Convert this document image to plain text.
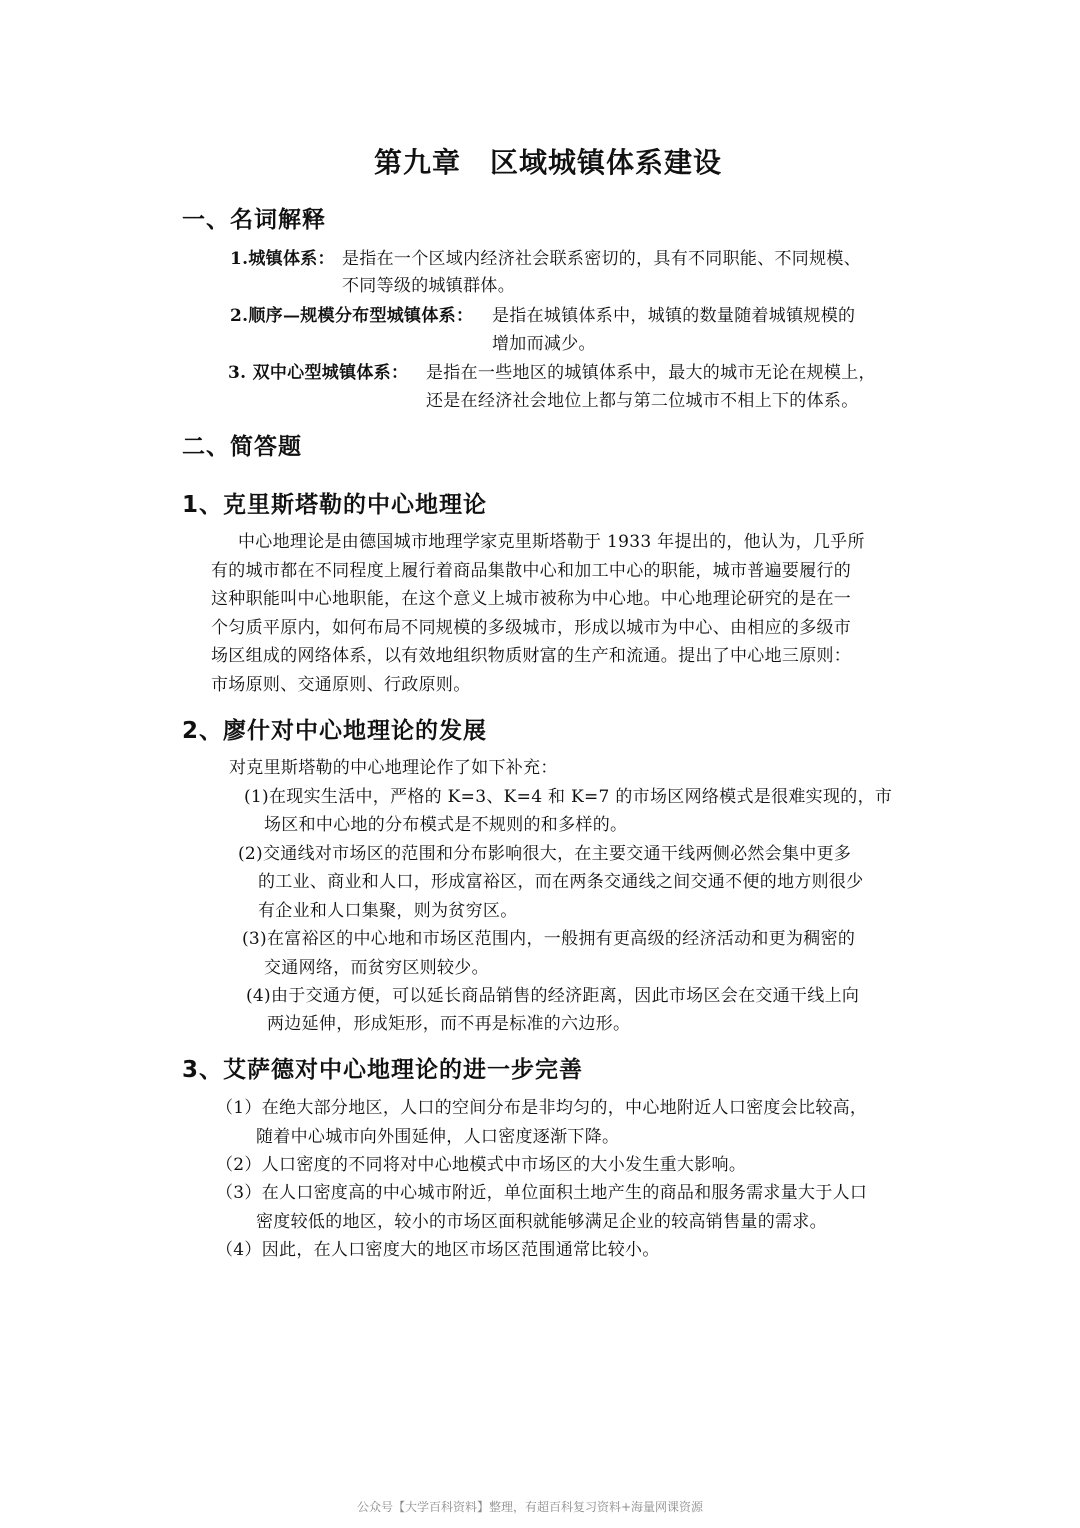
第九章　区域城镇体系建设
一、名词解释
1.城镇体系： 是指在一个区域内经济社会联系密切的，具有不同职能、不同规模、
不同等级的城镇群体。
2.顺序—规模分布型城镇体系： 是指在城镇体系中，城镇的数量随着城镇规模的
增加而减少。
3. 双中心型城镇体系： 是指在一些地区的城镇体系中，最大的城市无论在规模上，
还是在经济社会地位上都与第二位城市不相上下的体系。
二、简答题
1、克里斯塔勒的中心地理论
中心地理论是由德国城市地理学家克里斯塔勒于 1933 年提出的，他认为，几乎所
有的城市都在不同程度上履行着商品集散中心和加工中心的职能，城市普遍要履行的
这种职能叫中心地职能，在这个意义上城市被称为中心地。中心地理论研究的是在一
个匀质平原内，如何布局不同规模的多级城市，形成以城市为中心、由相应的多级市
场区组成的网络体系，以有效地组织物质财富的生产和流通。提出了中心地三原则：
市场原则、交通原则、行政原则。
2、廖什对中心地理论的发展
对克里斯塔勒的中心地理论作了如下补充：
(1)在现实生活中，严格的 K=3、K=4 和 K=7 的市场区网络模式是很难实现的，市
场区和中心地的分布模式是不规则的和多样的。
(2)交通线对市场区的范围和分布影响很大，在主要交通干线两侧必然会集中更多
的工业、商业和人口，形成富裕区，而在两条交通线之间交通不便的地方则很少
有企业和人口集聚，则为贫穷区。
(3)在富裕区的中心地和市场区范围内，一般拥有更高级的经济活动和更为稠密的
交通网络，而贫穷区则较少。
(4)由于交通方便，可以延长商品销售的经济距离，因此市场区会在交通干线上向
两边延伸，形成矩形，而不再是标准的六边形。
3、艾萨德对中心地理论的进一步完善
（1）在绝大部分地区，人口的空间分布是非均匀的，中心地附近人口密度会比较高，
随着中心城市向外围延伸，人口密度逐渐下降。
（2）人口密度的不同将对中心地模式中市场区的大小发生重大影响。
（3）在人口密度高的中心城市附近，单位面积土地产生的商品和服务需求量大于人口
密度较低的地区，较小的市场区面积就能够满足企业的较高销售量的需求。
（4）因此，在人口密度大的地区市场区范围通常比较小。
公众号【大学百科资料】整理，有超百科复习资料+海量网课资源
